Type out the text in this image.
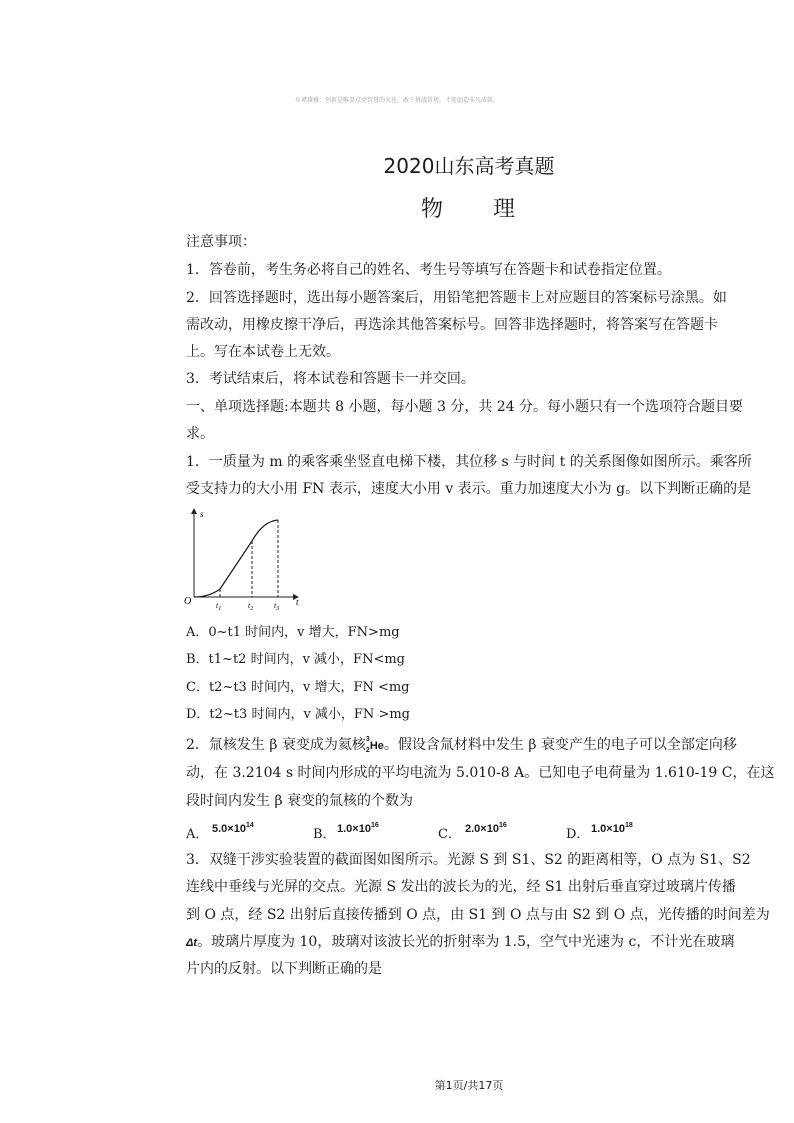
©谭雄雅：创新是唯显点亮智慧的火花，敢于挑战常规，才能创造非凡成就。
2020山东高考真题
物　　理
注意事项：
1．答卷前，考生务必将自己的姓名、考生号等填写在答题卡和试卷指定位置。
2．回答选择题时，选出每小题答案后，用铅笔把答题卡上对应题目的答案标号涂黑。如
需改动，用橡皮擦干净后，再选涂其他答案标号。回答非选择题时，将答案写在答题卡
上。写在本试卷上无效。
3．考试结束后，将本试卷和答题卡一并交回。
一、单项选择题:本题共 8 小题，每小题 3 分，共 24 分。每小题只有一个选项符合题目要
求。
1．一质量为 m 的乘客乘坐竖直电梯下楼，其位移 s 与时间 t 的关系图像如图所示。乘客所
受支持力的大小用 FN 表示，速度大小用 v 表示。重力加速度大小为 g。以下判断正确的是
s
t
O	$t_1$	$t_2$	$t_3$
A．0~t1 时间内，v 增大，FN>mg
B．t1~t2 时间内，v 减小，FN<mg
C．t2~t3 时间内，v 增大，FN <mg
D．t2~t3 时间内，v 减小，FN >mg
2．氚核发生 β 衰变成为氦核 3
$_2$He。假设含氚材料中发生 β 衰变产生的电子可以全部定向移
动，在 3.2104 s 时间内形成的平均电流为 5.010-8 A。已知电子电荷量为 1.610-19 C，在这
段时间内发生 β 衰变的氚核的个数为
A． $5.0\times 10^{14}$
B． $1.0\times 10^{16}$
C． $2.0\times 10^{16}$
D． $1.0\times 10^{18}$
3．双缝干涉实验装置的截面图如图所示。光源 S 到 S1、S2 的距离相等，O 点为 S1、S2
连线中垂线与光屏的交点。光源 S 发出的波长为的光，经 S1 出射后垂直穿过玻璃片传播
到 O 点，经 S2 出射后直接传播到 O 点，由 S1 到 O 点与由 S2 到 O 点，光传播的时间差为
Δt。玻璃片厚度为 10，玻璃对该波长光的折射率为 1.5，空气中光速为 c，不计光在玻璃
片内的反射。以下判断正确的是
第1页/共17页
